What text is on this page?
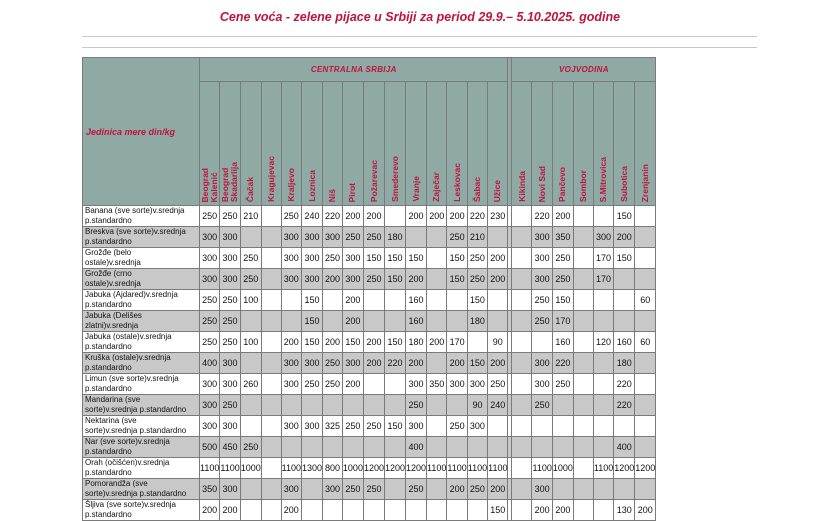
Cene voća - zelene pijace u Srbiji za period 29.9.– 5.10.2025. godine
Jedinica mere din/kg	CENTRALNA SRBIJA																VOJVODINA						

	Beograd
Kalenić	Beograd
Skadarlija	Čačak	Kragujevac	Kraljevo	Loznica	Niš	Pirot	Požarevac	Smederevo	Vranje	Zaječar	Leskovac	Šabac	Užice		Kikinda	Novi Sad	Pančevo	Sombor	S.Mitrovica	Subotica	Zrenjanin

Banana (sve sorte)v.srednja
p.standardno	250	250	210		250	240	220	200	200		200	200	200	220	230			220	200			150	

Breskva (sve sorte)v.srednja
p.standardno	300	300			300	300	300	250	250	180			250	210				300	350		300	200	

Grožđe (belo
ostale)v.srednja	300	300	250		300	300	250	300	150	150	150		150	250	200			300	250		170	150	

Grožđe (crno
ostale)v.srednja	300	300	250		300	300	200	300	250	150	200		150	250	200			300	250		170		

Jabuka (Ajdared)v.srednja
p.standardno	250	250	100			150		200			160			150				250	150				60

Jabuka (Delišes
zlatni)v.srednja	250	250				150		200			160			180				250	170				

Jabuka (ostale)v.srednja
p.standardno	250	250	100		200	150	200	150	200	150	180	200	170		90				160		120	160	60

Kruška (ostale)v.srednja
p.standardno	400	300			300	300	250	300	200	220	200		200	150	200			300	220			180	

Limun (sve sorte)v.srednja
p.standardno	300	300	260		300	250	250	200			300	350	300	300	250			300	250			220	

Mandarina (sve
sorte)v.srednja p.standardno	300	250									250			90	240			250				220	

Nektarina (sve
sorte)v.srednja p.standardno	300	300			300	300	325	250	250	150	300		250	300									

Nar (sve sorte)v.srednja
p.standardno	500	450	250								400											400	

Orah (očišćen)v.srednja
p.standardno	1100	1100	1000		1100	1300	800	1000	1200	1200	1200	1100	1100	1100	1100			1100	1000		1100	1200	1200

Pomorandža (sve
sorte)v.srednja p.standardno	350	300			300		300	250	250		250		200	250	200			300					

Šljiva (sve sorte)v.srednja
p.standardno	200	200			200										150			200	200			130	200
